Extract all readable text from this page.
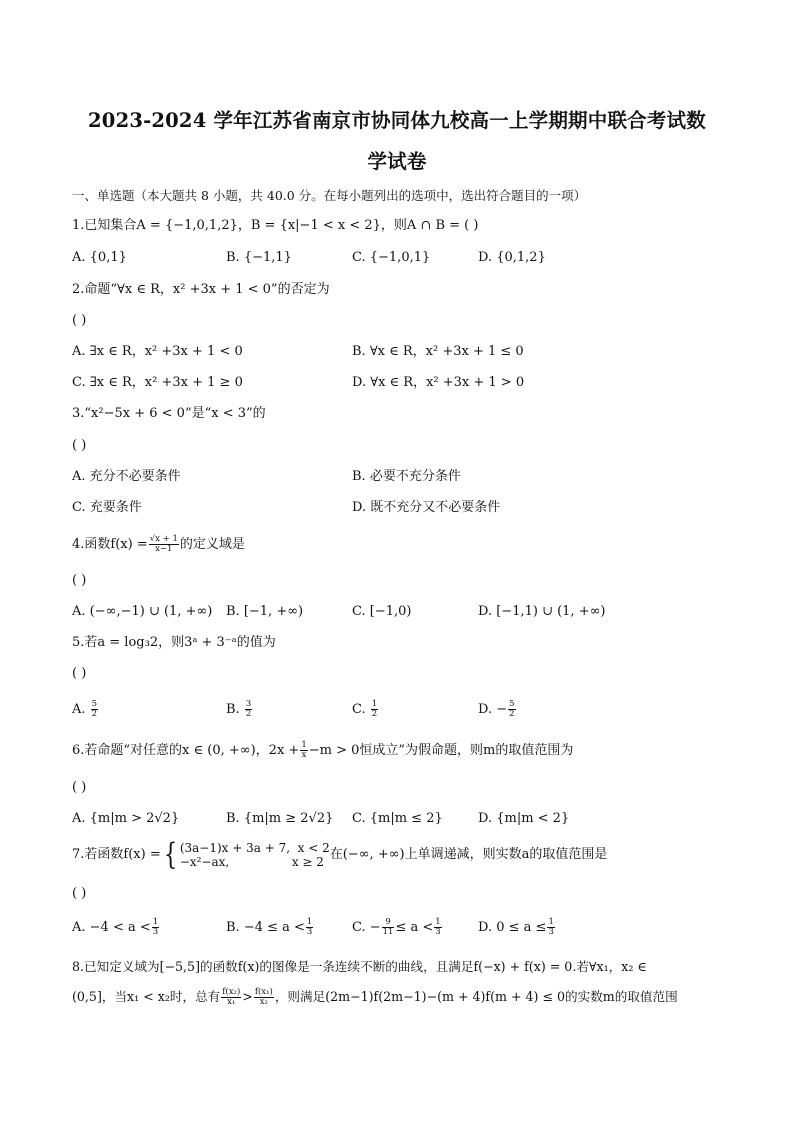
2023-2024 学年江苏省南京市协同体九校高一上学期期中联合考试数
学试卷
一、单选题（本大题共 8 小题，共 40.0 分。在每小题列出的选项中，选出符合题目的一项）
1.已知集合A = {−1,0,1,2}，B = {x|−1 < x < 2}，则A ∩ B = ( )
A. {0,1}	B. {−1,1}	C. {−1,0,1}	D. {0,1,2}
2.命题“∀x ∈ R，x² +3x + 1 < 0”的否定为
( )
A. ∃x ∈ R，x² +3x + 1 < 0	B. ∀x ∈ R，x² +3x + 1 ≤ 0
C. ∃x ∈ R，x² +3x + 1 ≥ 0	D. ∀x ∈ R，x² +3x + 1 > 0
3.“x²−5x + 6 < 0”是“x < 3”的
( )
A. 充分不必要条件	B. 必要不充分条件
C. 充要条件	D. 既不充分又不必要条件
4.函数$f(x) = \frac{√x + 1}{x-1}$ 的定义域是
( )
A. (−∞,−1) ∪ (1, +∞) B. [−1, +∞)	C. [−1,0)	D. [−1,1) ∪ (1, +∞)
5.若a = log₃2，则3ᵃ + 3⁻ᵃ的值为
( )
A. $\frac{5}{2}$	B. $\frac{3}{2}$	C. $\frac{1}{2}$	D. − $\frac{5}{2}$
6.若命题“对任意的x ∈ (0, +∞)，$2x + \frac{1}{x} -m > 0$恒成立”为假命题，则m的取值范围为
( )
A. {m|m > 2√2}	B. {m|m ≥ 2√2} C. {m|m ≤ 2}	D. {m|m < 2}
7.若函数f(x) ={ (3a−1)x + 3a + 7, x < 2
−x²−ax,	x ≥ 2 在(−∞, +∞)上单调递减，则实数a的取值范围是
( )
A. $-4 < a < \frac{1}{3}$	B. $-4 \le a < \frac{1}{3}$	C. − $\frac{9}{11} \le a < \frac{1}{3}$	D. $0 \le a \le \frac{1}{3}$
8.已知定义域为[−5,5]的函数f(x)的图像是一条连续不断的曲线，且满足f(−x) + f(x) = 0.若∀x₁，x₂ ∈
(0,5]，当x₁ < x₂时，总有 $\frac{\text{f(x₂)}}{\text{x₁}} > \frac{\text{f(x₁)}}{\text{x₂}}$ ，则满足(2m−1)f(2m−1)−(m + 4)f(m + 4) ≤ 0的实数m的取值范围
